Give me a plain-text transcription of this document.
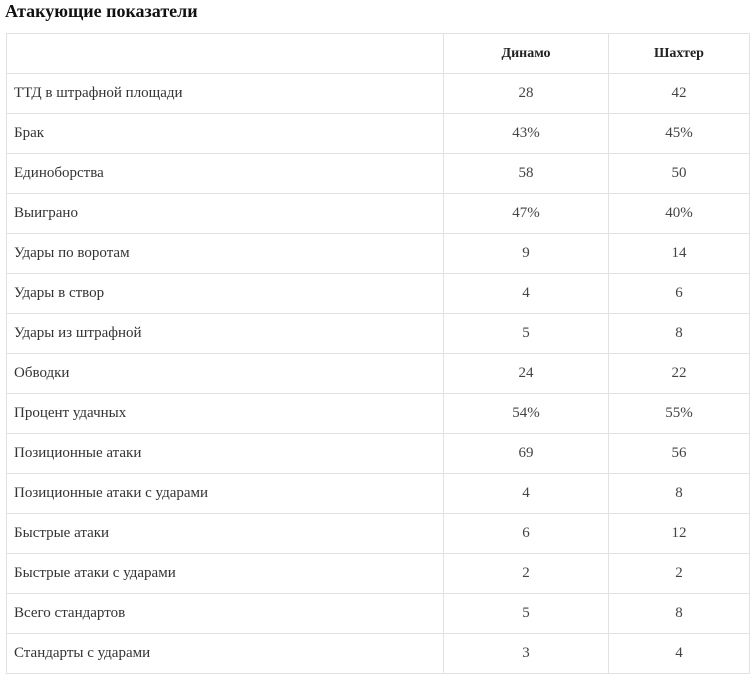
Атакующие показатели
	Динамо	Шахтер
ТТД в штрафной площади	28	42
Брак	43%	45%
Единоборства	58	50
Выиграно	47%	40%
Удары по воротам	9	14
Удары в створ	4	6
Удары из штрафной	5	8
Обводки	24	22
Процент удачных	54%	55%
Позиционные атаки	69	56
Позиционные атаки с ударами	4	8
Быстрые атаки	6	12
Быстрые атаки с ударами	2	2
Всего стандартов	5	8
Стандарты с ударами	3	4
